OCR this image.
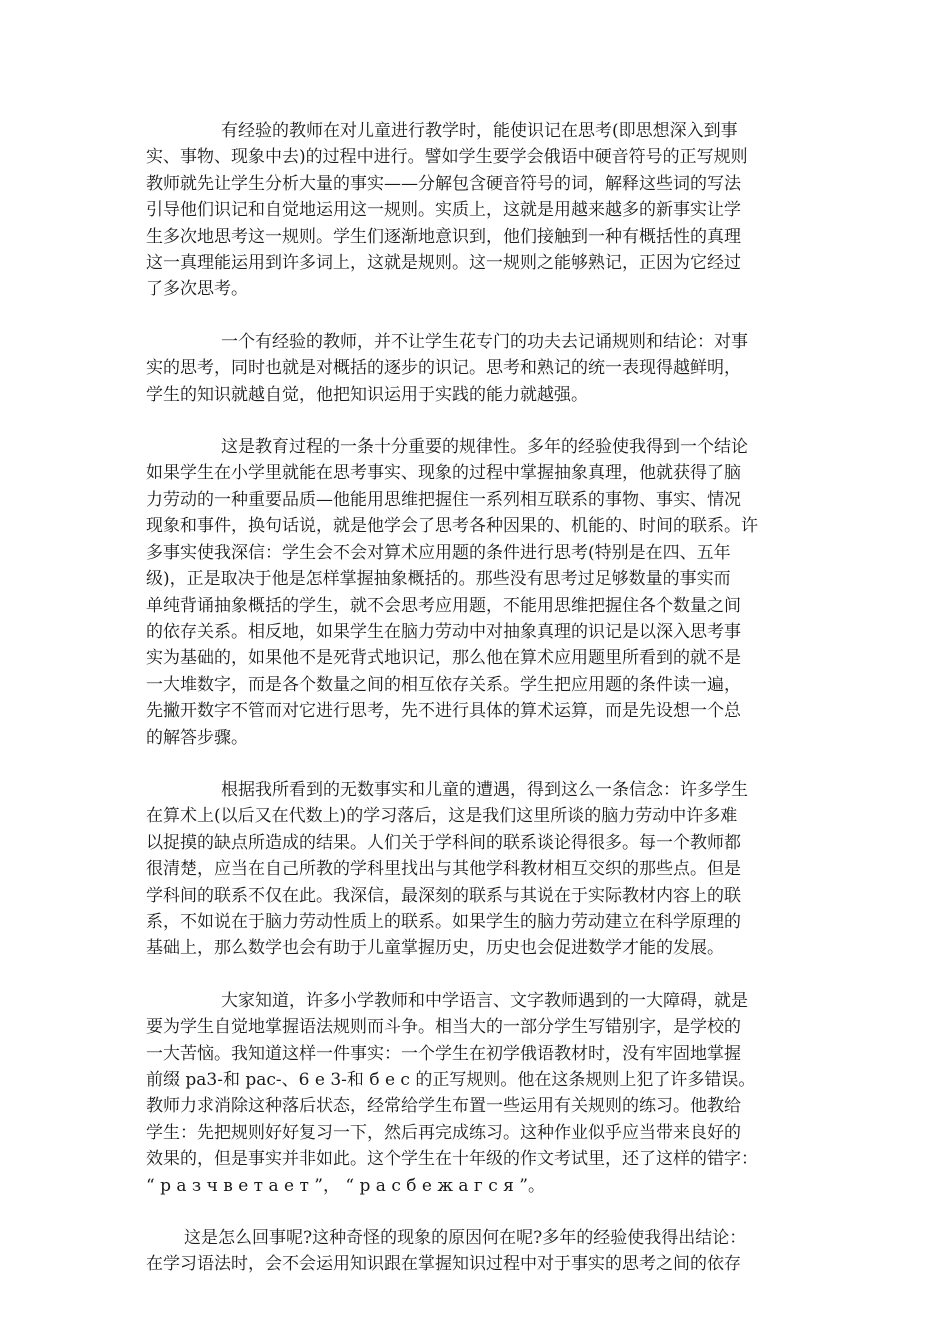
有经验的教师在对儿童进行教学时，能使识记在思考(即思想深入到事
实、事物、现象中去)的过程中进行。譬如学生要学会俄语中硬音符号的正写规则
教师就先让学生分析大量的事实——分解包含硬音符号的词，解释这些词的写法
引导他们识记和自觉地运用这一规则。实质上，这就是用越来越多的新事实让学
生多次地思考这一规则。学生们逐渐地意识到，他们接触到一种有概括性的真理
这一真理能运用到许多词上，这就是规则。这一规则之能够熟记，正因为它经过
了多次思考。
一个有经验的教师，并不让学生花专门的功夫去记诵规则和结论：对事
实的思考，同时也就是对概括的逐步的识记。思考和熟记的统一表现得越鲜明，
学生的知识就越自觉，他把知识运用于实践的能力就越强。
这是教育过程的一条十分重要的规律性。多年的经验使我得到一个结论
如果学生在小学里就能在思考事实、现象的过程中掌握抽象真理，他就获得了脑
力劳动的一种重要品质—他能用思维把握住一系列相互联系的事物、事实、情况
现象和事件，换句话说，就是他学会了思考各种因果的、机能的、时间的联系。许
多事实使我深信：学生会不会对算术应用题的条件进行思考(特别是在四、五年
级)，正是取决于他是怎样掌握抽象概括的。那些没有思考过足够数量的事实而
单纯背诵抽象概括的学生，就不会思考应用题，不能用思维把握住各个数量之间
的依存关系。相反地，如果学生在脑力劳动中对抽象真理的识记是以深入思考事
实为基础的，如果他不是死背式地识记，那么他在算术应用题里所看到的就不是
一大堆数字，而是各个数量之间的相互依存关系。学生把应用题的条件读一遍，
先撇开数字不管而对它进行思考，先不进行具体的算术运算，而是先设想一个总
的解答步骤。
根据我所看到的无数事实和儿童的遭遇，得到这么一条信念：许多学生
在算术上(以后又在代数上)的学习落后，这是我们这里所谈的脑力劳动中许多难
以捉摸的缺点所造成的结果。人们关于学科间的联系谈论得很多。每一个教师都
很清楚，应当在自己所教的学科里找出与其他学科教材相互交织的那些点。但是
学科间的联系不仅在此。我深信，最深刻的联系与其说在于实际教材内容上的联
系，不如说在于脑力劳动性质上的联系。如果学生的脑力劳动建立在科学原理的
基础上，那么数学也会有助于儿童掌握历史，历史也会促进数学才能的发展。
大家知道，许多小学教师和中学语言、文字教师遇到的一大障碍，就是
要为学生自觉地掌握语法规则而斗争。相当大的一部分学生写错别字，是学校的
一大苦恼。我知道这样一件事实：一个学生在初学俄语教材时，没有牢固地掌握
前缀 pa3-和 pac-、6 e 3-和 б е с 的正写规则。他在这条规则上犯了许多错误。
教师力求消除这种落后状态，经常给学生布置一些运用有关规则的练习。他教给
学生：先把规则好好复习一下，然后再完成练习。这种作业似乎应当带来良好的
效果的，但是事实并非如此。这个学生在十年级的作文考试里，还了这样的错字：
“ р а з ч в е т а е т ”， “ р а с б е ж а г с я ”。
这是怎么回事呢?这种奇怪的现象的原因何在呢?多年的经验使我得出结论：
在学习语法时，会不会运用知识跟在掌握知识过程中对于事实的思考之间的依存
